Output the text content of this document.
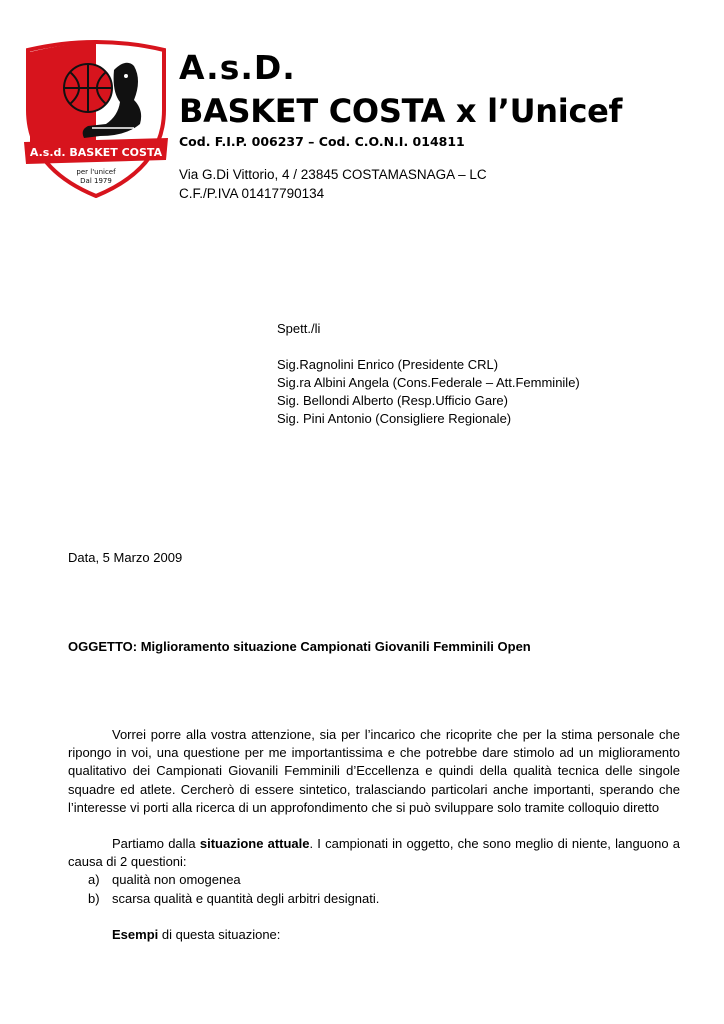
A.s.d. BASKET COSTA
per l'unicef
Dal 1979
A.s.D.
BASKET COSTA x l’Unicef
Cod. F.I.P. 006237 – Cod. C.O.N.I. 014811
Via G.Di Vittorio, 4 / 23845 COSTAMASNAGA – LC
C.F./P.IVA 01417790134
Spett./li
Sig.Ragnolini Enrico (Presidente CRL)
Sig.ra Albini Angela (Cons.Federale – Att.Femminile)
Sig. Bellondi Alberto (Resp.Ufficio Gare)
Sig. Pini Antonio (Consigliere Regionale)
Data, 5 Marzo 2009
OGGETTO: Miglioramento situazione Campionati Giovanili Femminili Open

Vorrei porre alla vostra attenzione, sia per l’incarico che ricoprite che per la stima personale che ripongo in voi, una questione per me importantissima e che potrebbe dare stimolo ad un miglioramento qualitativo dei Campionati Giovanili Femminili d’Eccellenza e quindi della qualità tecnica delle singole squadre ed atlete. Cercherò di essere sintetico, tralasciando particolari anche importanti, sperando che l’interesse vi porti alla ricerca di un approfondimento che si può sviluppare solo tramite colloquio diretto

Partiamo dalla situazione attuale. I campionati in oggetto, che sono meglio di niente, languono a causa di 2 questioni:

a) qualità non omogenea
b) scarsa qualità e quantità degli arbitri designati.

Esempi di questa situazione:
